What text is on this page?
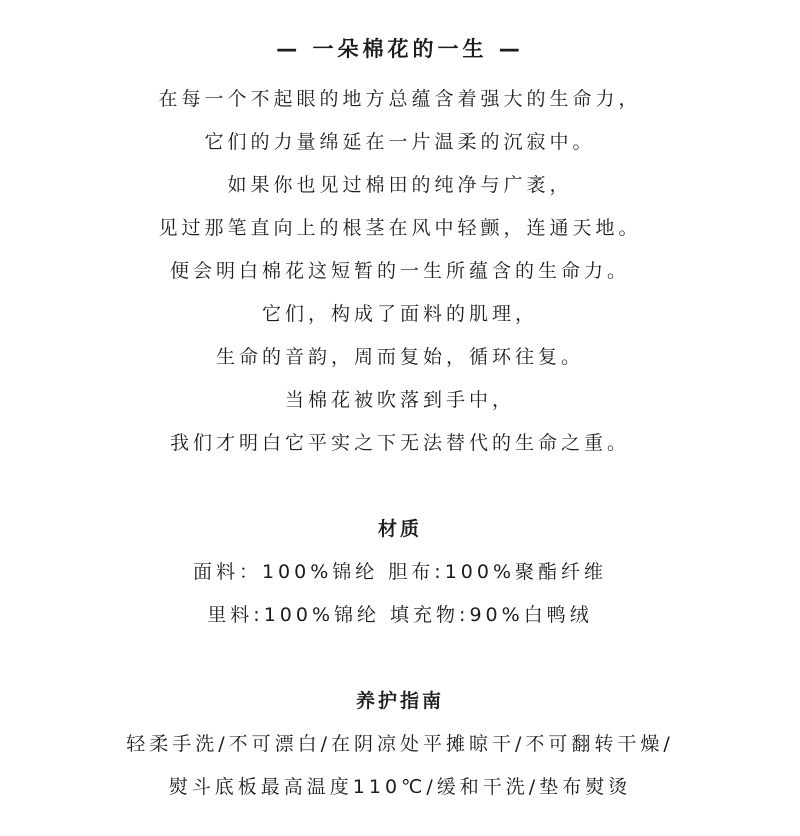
— 一朵棉花的一生 —

在每一个不起眼的地方总蕴含着强大的生命力，

它们的力量绵延在一片温柔的沉寂中。

如果你也见过棉田的纯净与广袤，

见过那笔直向上的根茎在风中轻颤，连通天地。

便会明白棉花这短暂的一生所蕴含的生命力。

它们，构成了面料的肌理，

生命的音韵，周而复始，循环往复。

当棉花被吹落到手中，

我们才明白它平实之下无法替代的生命之重。

材质

面料：100%锦纶 胆布:100%聚酯纤维

里料:100%锦纶 填充物:90%白鸭绒

养护指南

轻柔手洗/不可漂白/在阴凉处平摊晾干/不可翻转干燥/

熨斗底板最高温度110℃/缓和干洗/垫布熨烫
